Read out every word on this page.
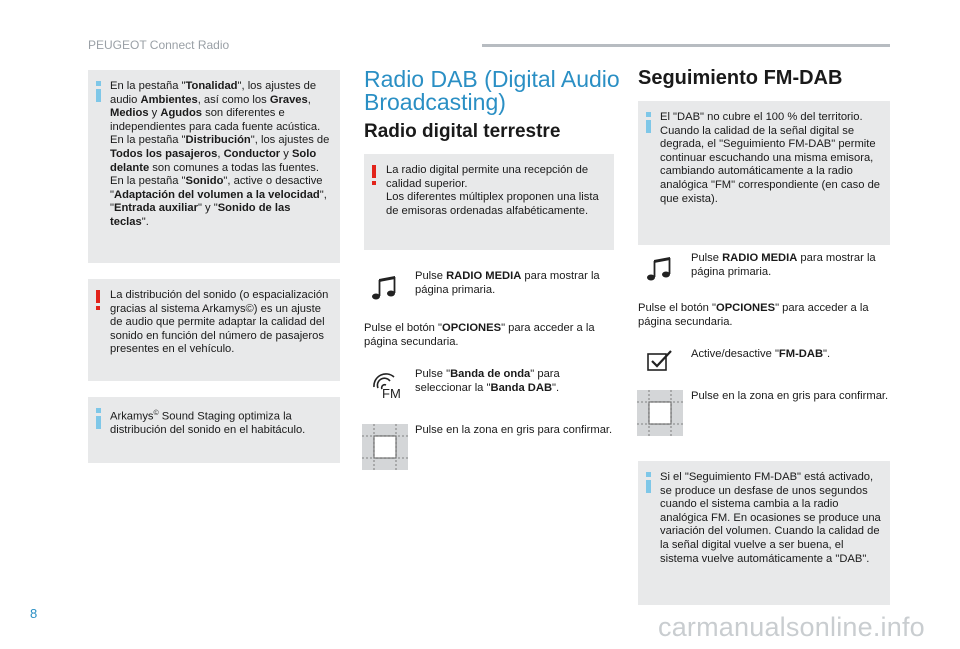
PEUGEOT Connect Radio

En la pestaña "Tonalidad", los ajustes de audio Ambientes, así como los Graves, Medios y Agudos son diferentes e independientes para cada fuente acústica.

En la pestaña "Distribución", los ajustes de Todos los pasajeros, Conductor y Solo delante son comunes a todas las fuentes.

En la pestaña "Sonido", active o desactive "Adaptación del volumen a la velocidad", "Entrada auxiliar" y "Sonido de las teclas".

La distribución del sonido (o espacialización gracias al sistema Arkamys©) es un ajuste de audio que permite adaptar la calidad del sonido en función del número de pasajeros presentes en el vehículo.

Arkamys© Sound Staging optimiza la distribución del sonido en el habitáculo.

Radio DAB (Digital Audio
Broadcasting)
Radio digital terrestre

La radio digital permite una recepción de calidad superior.

Los diferentes múltiplex proponen una lista de emisoras ordenadas alfabéticamente.

Pulse RADIO MEDIA para mostrar la página primaria.

Pulse el botón "OPCIONES" para acceder a la página secundaria.

FM

Pulse "Banda de onda" para seleccionar la "Banda DAB".

Pulse en la zona en gris para confirmar.

Seguimiento FM-DAB

El "DAB" no cubre el 100 % del territorio. Cuando la calidad de la señal digital se degrada, el "Seguimiento FM-DAB" permite continuar escuchando una misma emisora, cambiando automáticamente a la radio analógica "FM" correspondiente (en caso de que exista).

Pulse RADIO MEDIA para mostrar la página primaria.

Pulse el botón "OPCIONES" para acceder a la página secundaria.

Active/desactive "FM-DAB".

Pulse en la zona en gris para confirmar.

Si el "Seguimiento FM-DAB" está activado, se produce un desfase de unos segundos cuando el sistema cambia a la radio analógica FM. En ocasiones se produce una variación del volumen. Cuando la calidad de la señal digital vuelve a ser buena, el sistema vuelve automáticamente a "DAB".

8	carmanualsonline.info
